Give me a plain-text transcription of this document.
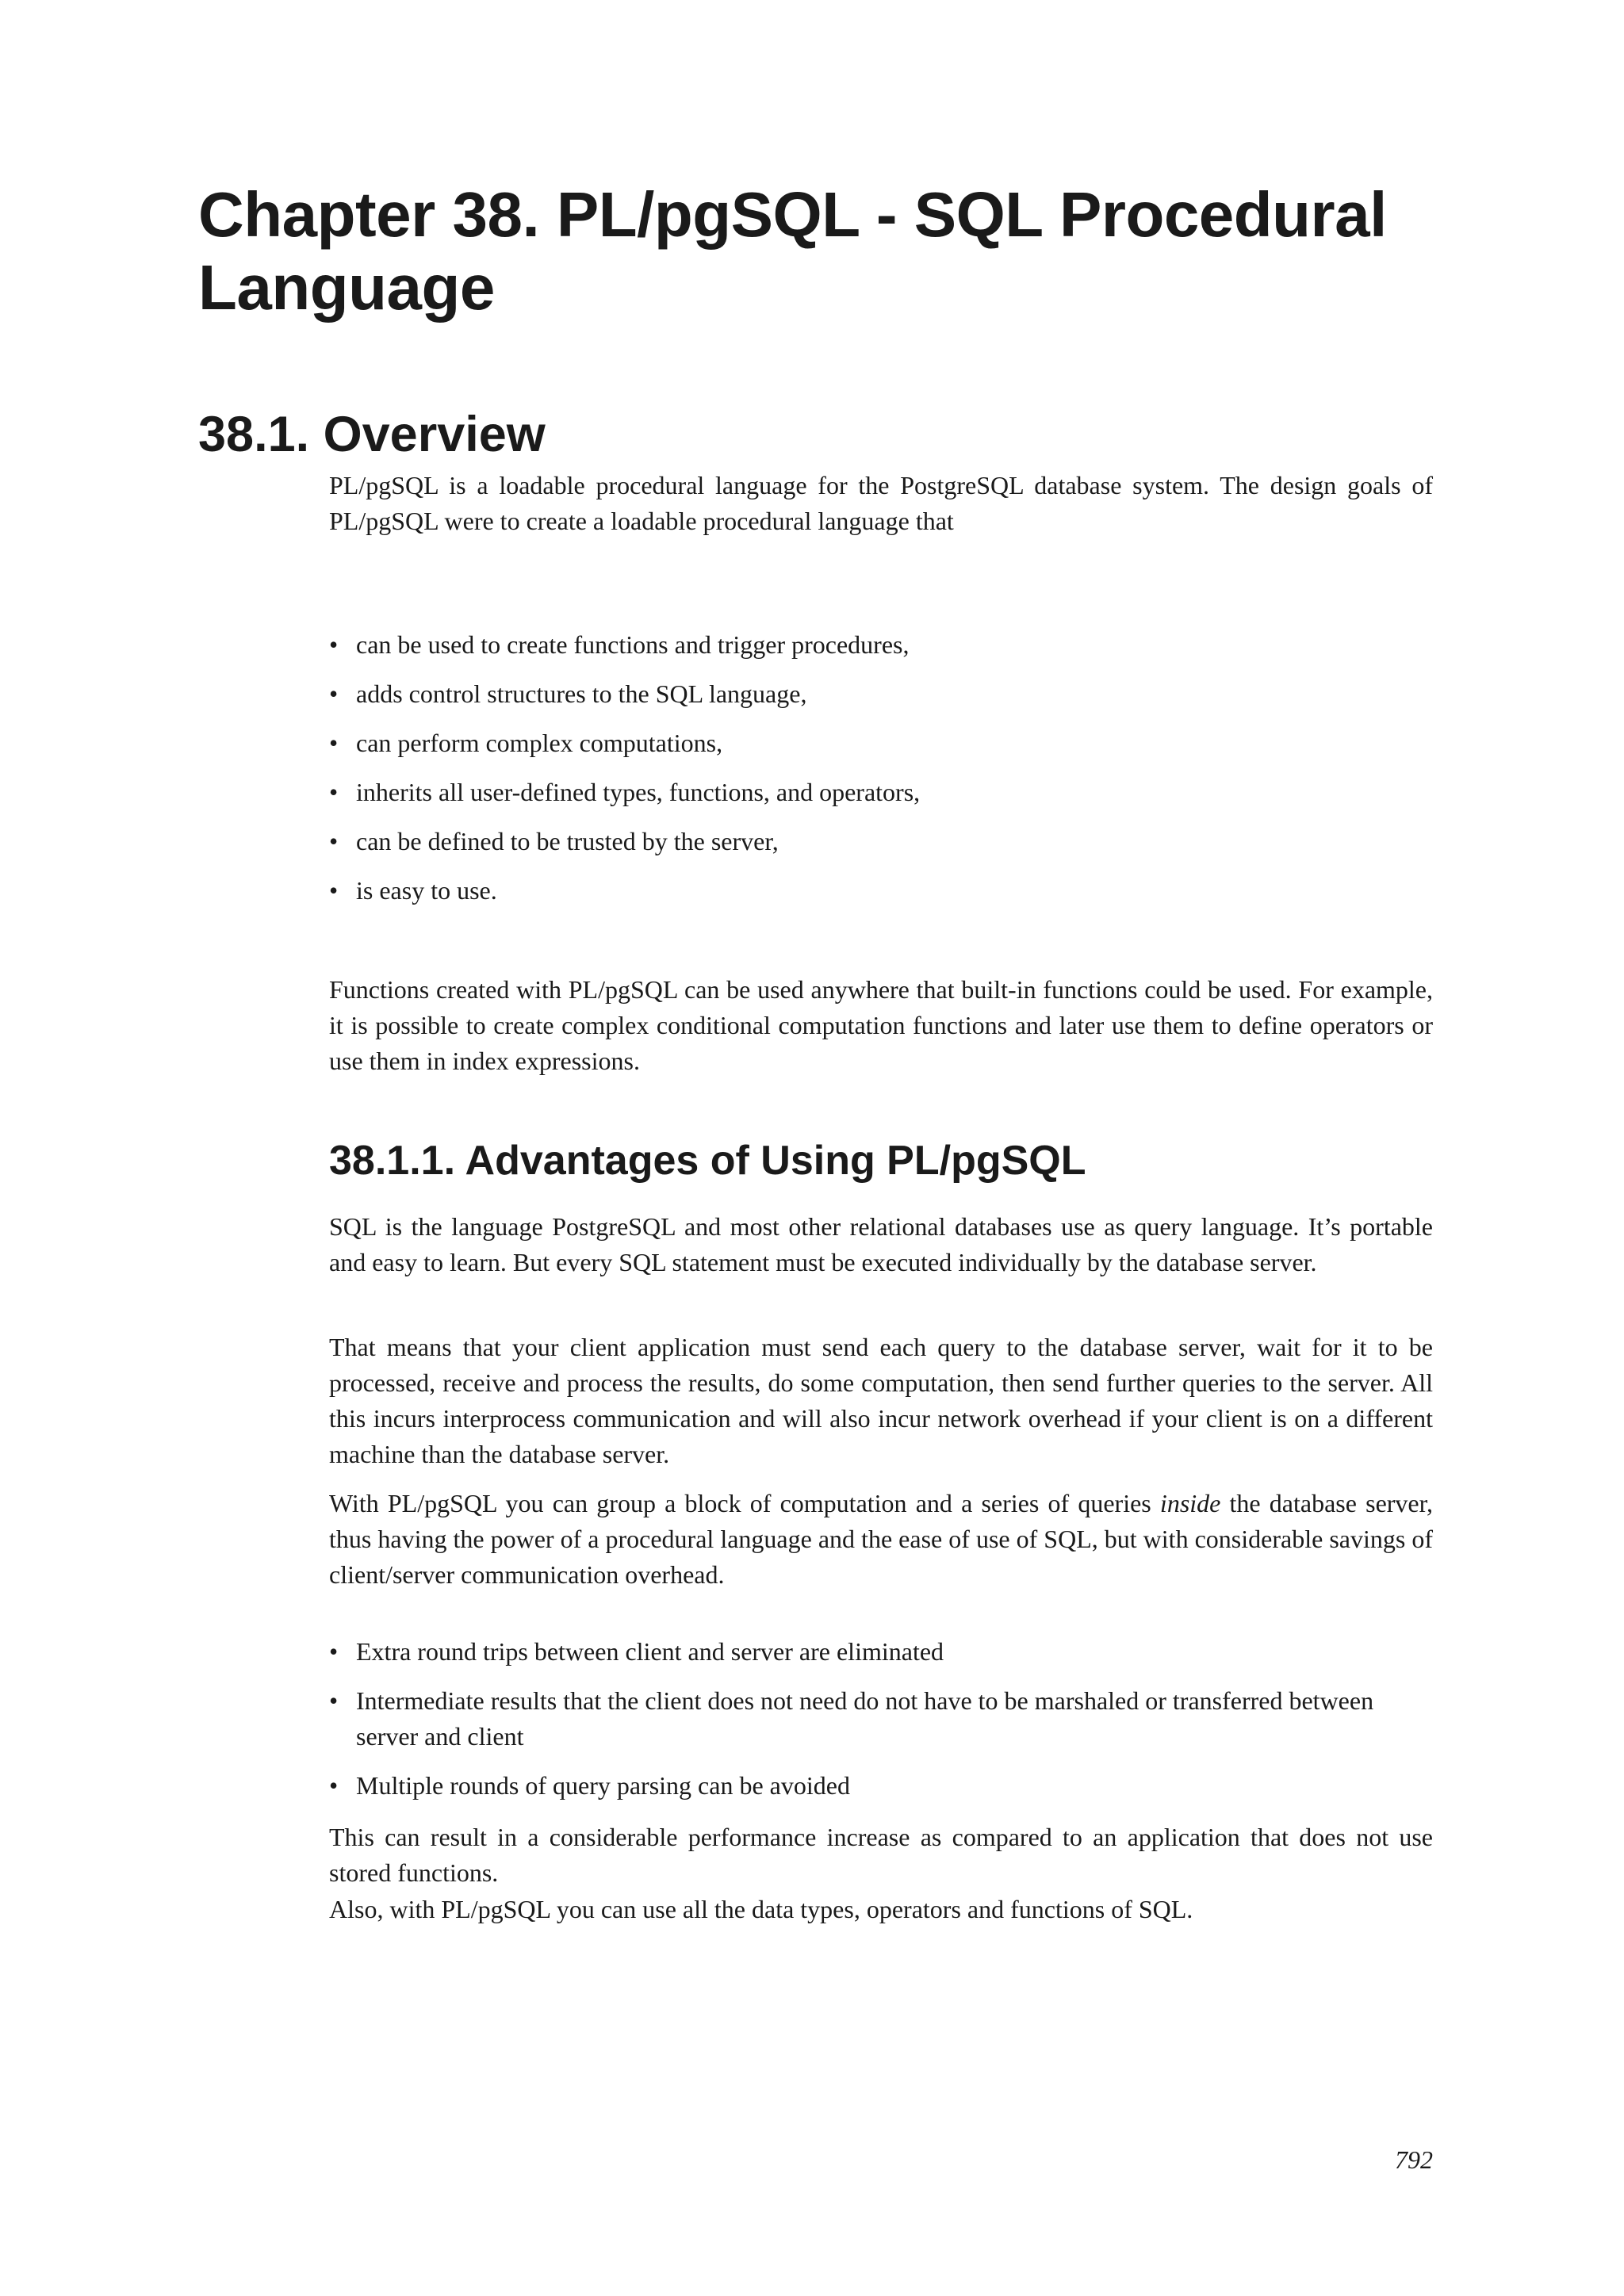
Chapter 38. PL/pgSQL - SQL Procedural Language
38.1. Overview

PL/pgSQL is a loadable procedural language for the PostgreSQL database system. The design goals of PL/pgSQL were to create a loadable procedural language that

• can be used to create functions and trigger procedures,
• adds control structures to the SQL language,
• can perform complex computations,
• inherits all user-defined types, functions, and operators,
• can be defined to be trusted by the server,
• is easy to use.

Functions created with PL/pgSQL can be used anywhere that built-in functions could be used. For example, it is possible to create complex conditional computation functions and later use them to define operators or use them in index expressions.

38.1.1. Advantages of Using PL/pgSQL

SQL is the language PostgreSQL and most other relational databases use as query language. It’s portable and easy to learn. But every SQL statement must be executed individually by the database server.

That means that your client application must send each query to the database server, wait for it to be processed, receive and process the results, do some computation, then send further queries to the server. All this incurs interprocess communication and will also incur network overhead if your client is on a different machine than the database server.

With PL/pgSQL you can group a block of computation and a series of queries inside the database server, thus having the power of a procedural language and the ease of use of SQL, but with considerable savings of client/server communication overhead.

• Extra round trips between client and server are eliminated
• Intermediate results that the client does not need do not have to be marshaled or transferred between server and client
• Multiple rounds of query parsing can be avoided

This can result in a considerable performance increase as compared to an application that does not use stored functions.

Also, with PL/pgSQL you can use all the data types, operators and functions of SQL.

792
